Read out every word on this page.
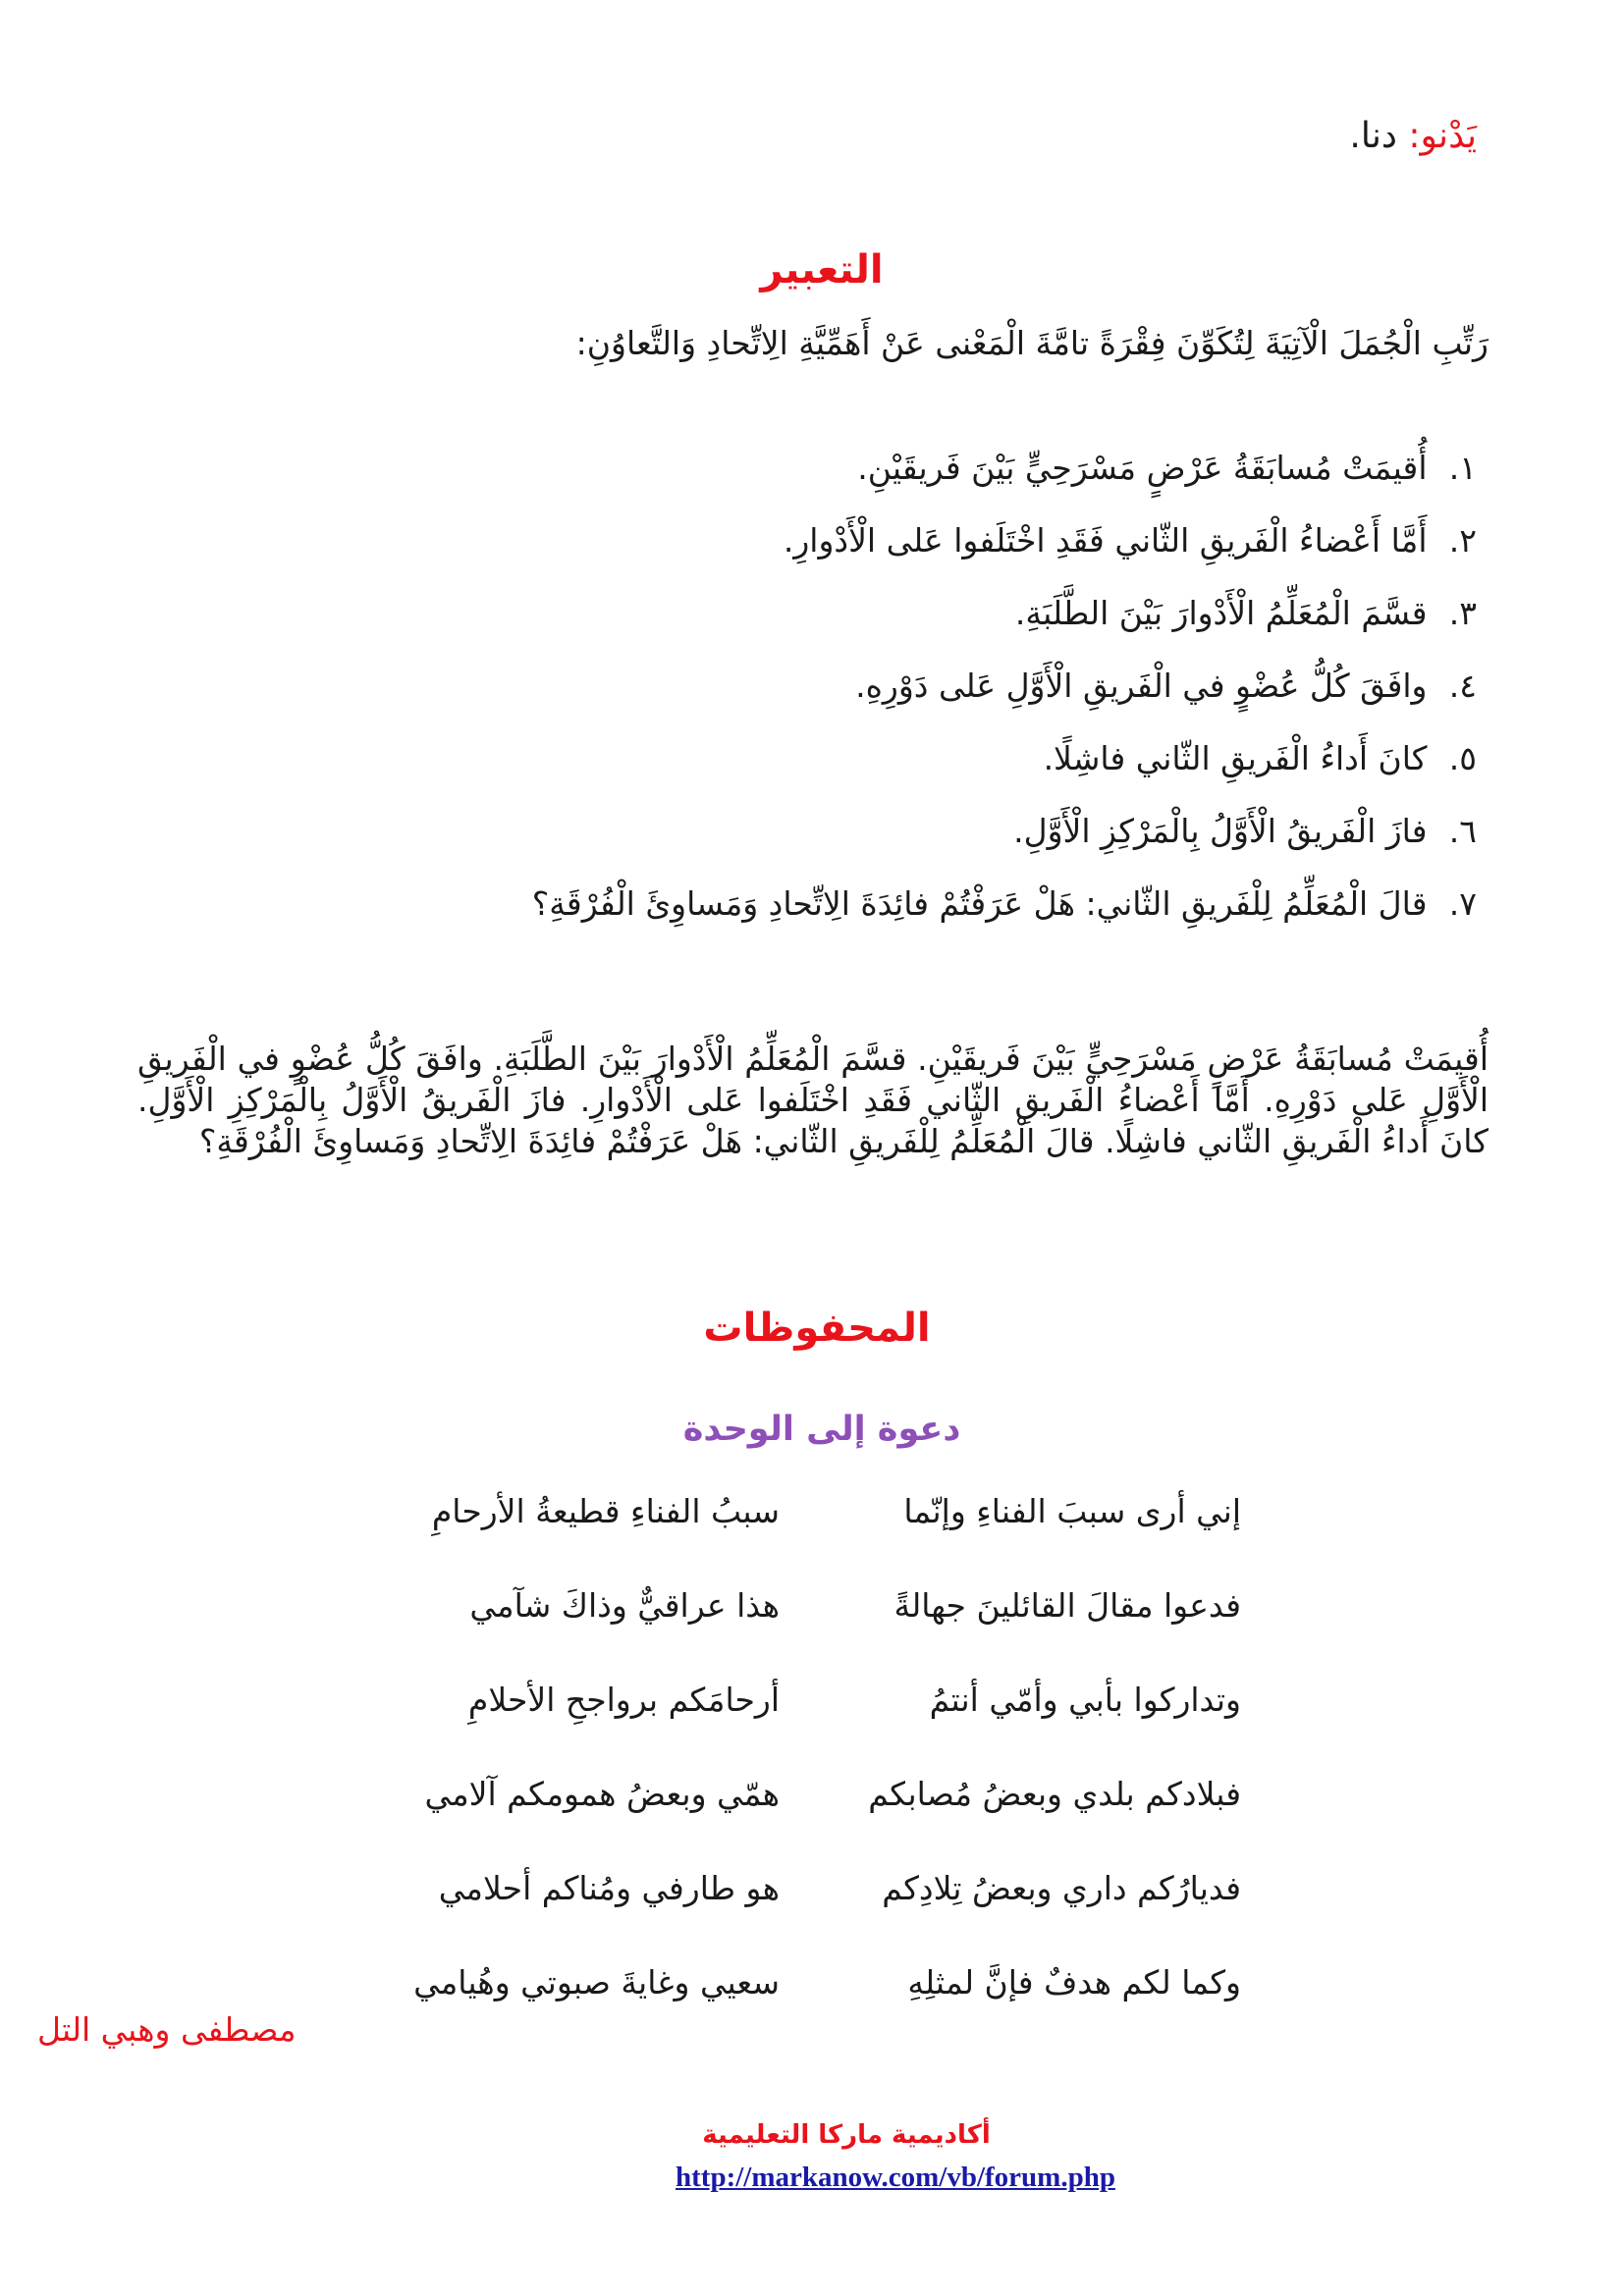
يَدْنو: دنا.
التعبير
رَتِّبِ الْجُمَلَ الْآتِيَةَ لِتُكَوِّنَ فِقْرَةً تامَّةَ الْمَعْنى عَنْ أَهَمِّيَّةِ الِاتِّحادِ وَالتَّعاوُنِ:
١. أُقيمَتْ مُسابَقَةُ عَرْضٍ مَسْرَحِيٍّ بَيْنَ فَريقَيْنِ.
٢. أَمَّا أَعْضاءُ الْفَريقِ الثّاني فَقَدِ اخْتَلَفوا عَلى الْأَدْوارِ.
٣. قسَّمَ الْمُعَلِّمُ الْأَدْوارَ بَيْنَ الطَّلَبَةِ.
٤. وافَقَ كُلُّ عُضْوٍ في الْفَريقِ الْأَوَّلِ عَلى دَوْرِهِ.
٥. كانَ أَداءُ الْفَريقِ الثّاني فاشِلًا.
٦. فازَ الْفَريقُ الْأَوَّلُ بِالْمَرْكِزِ الْأَوَّلِ.
٧. قالَ الْمُعَلِّمُ لِلْفَريقِ الثّاني: هَلْ عَرَفْتُمْ فائِدَةَ الِاتِّحادِ وَمَساوِئَ الْفُرْقَةِ؟

أُقيمَتْ مُسابَقَةُ عَرْضٍ مَسْرَحِيٍّ بَيْنَ فَريقَيْنِ. قسَّمَ الْمُعَلِّمُ الْأَدْوارَ بَيْنَ الطَّلَبَةِ. وافَقَ كُلُّ عُضْوٍ في الْفَريقِ الْأَوَّلِ عَلى دَوْرِهِ. أَمَّا أَعْضاءُ الْفَريقِ الثّاني فَقَدِ اخْتَلَفوا عَلى الْأَدْوارِ. فازَ الْفَريقُ الْأَوَّلُ بِالْمَرْكِزِ الْأَوَّلِ. كانَ أَداءُ الْفَريقِ الثّاني فاشِلًا. قالَ الْمُعَلِّمُ لِلْفَريقِ الثّاني: هَلْ عَرَفْتُمْ فائِدَةَ الِاتِّحادِ وَمَساوِئَ الْفُرْقَةِ؟

المحفوظات
دعوة إلى الوحدة
إني أرى سببَ الفناءِ وإنّما
سببُ الفناءِ قطيعةُ الأرحامِ
فدعوا مقالَ القائلينَ جهالةً
هذا عراقيٌّ وذاكَ شآمي
وتداركوا بأبي وأمّي أنتمُ
أرحامَكم برواجحِ الأحلامِ
فبلادكم بلدي وبعضُ مُصابكم
همّي وبعضُ همومكم آلامي
فديارُكم داري وبعضُ تِلادِكم
هو طارفي ومُناكم أحلامي
وكما لكم هدفٌ فإنَّ لمثلِهِ
سعيي وغايةَ صبوتي وهُيامي
مصطفى وهبي التل
أكاديمية ماركا التعليمية
http://markanow.com/vb/forum.php
